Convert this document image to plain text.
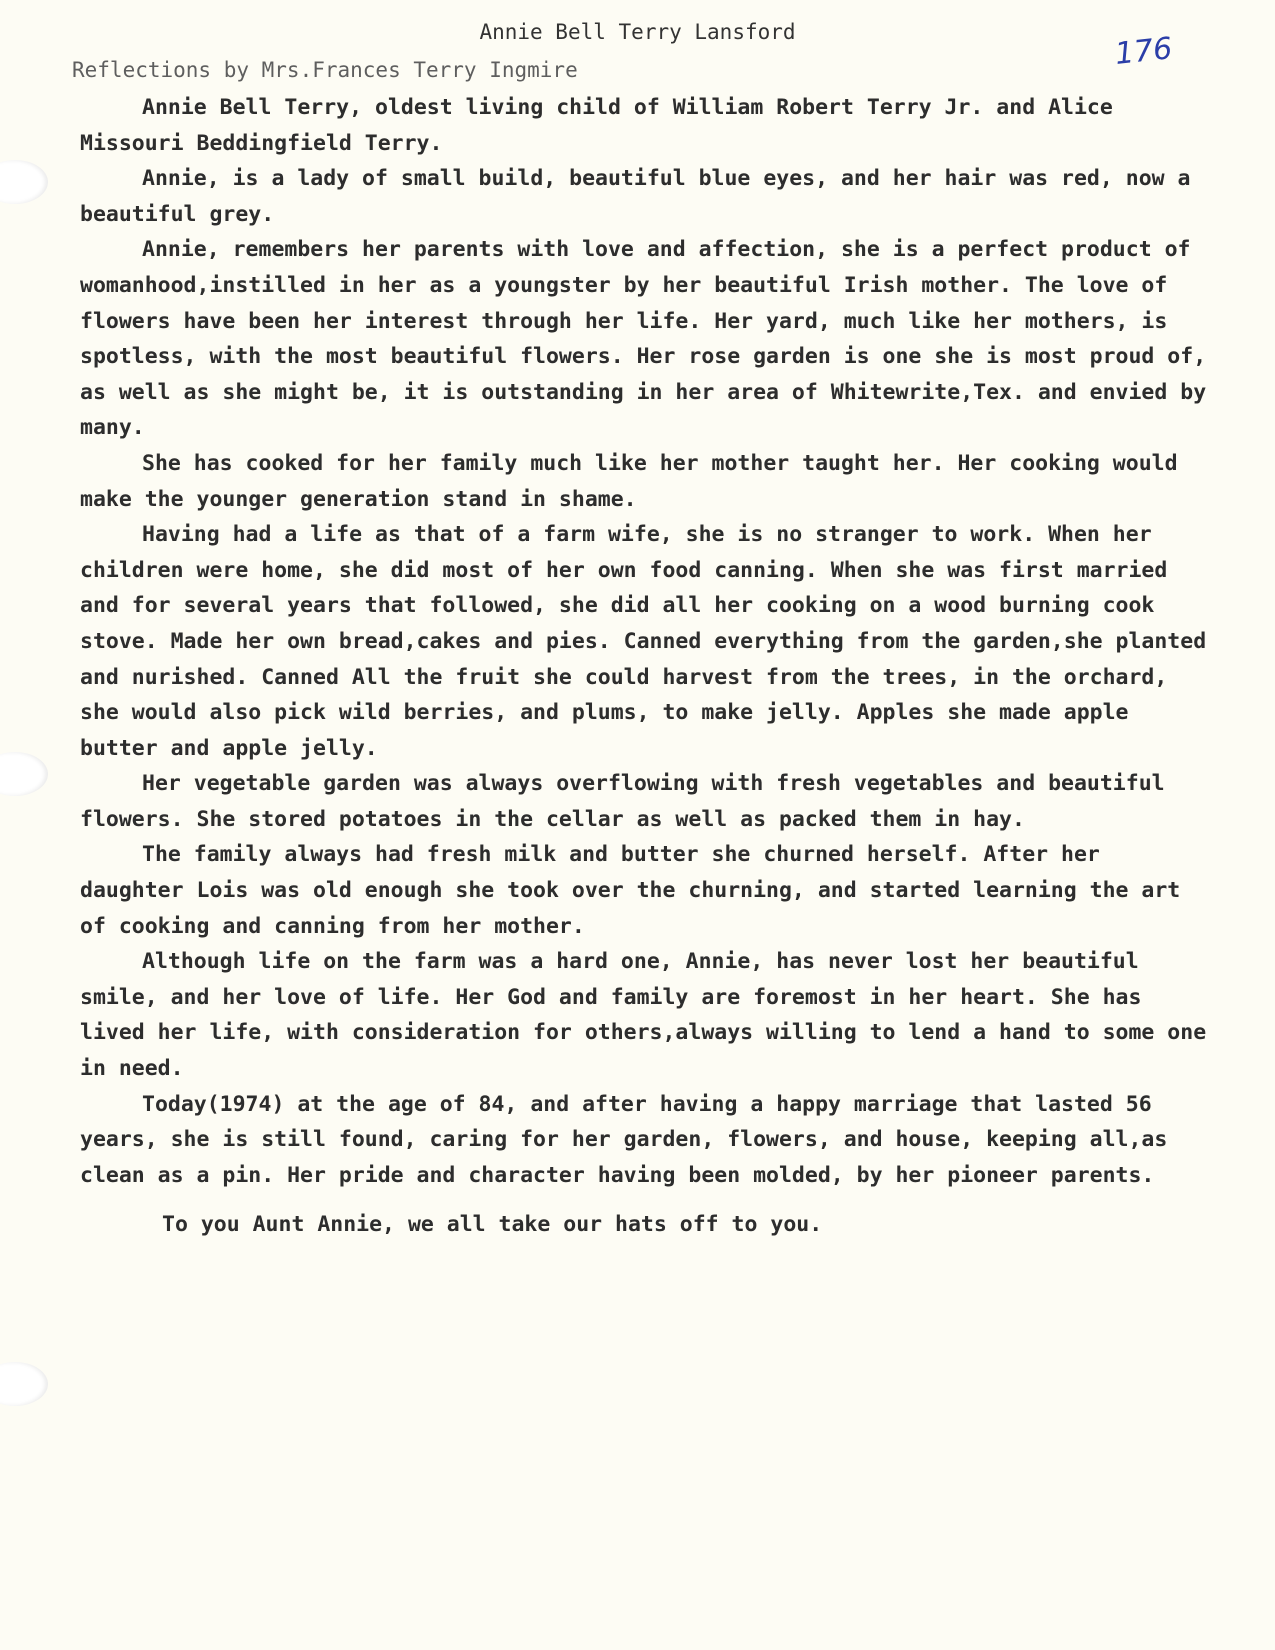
Annie Bell Terry Lansford	176
Reflections by Mrs.Frances Terry Ingmire

Annie Bell Terry, oldest living child of William Robert Terry Jr. and Alice Missouri Beddingfield Terry.

Annie, is a lady of small build, beautiful blue eyes, and her hair was red, now a beautiful grey.

Annie, remembers her parents with love and affection, she is a perfect product of womanhood,instilled in her as a youngster by her beautiful Irish mother. The love of flowers have been her interest through her life. Her yard, much like her mothers, is spotless, with the most beautiful flowers. Her rose garden is one she is most proud of, as well as she might be, it is outstanding in her area of Whitewrite,Tex. and envied by many.

She has cooked for her family much like her mother taught her. Her cooking would make the younger generation stand in shame.

Having had a life as that of a farm wife, she is no stranger to work. When her children were home, she did most of her own food canning. When she was first married and for several years that followed, she did all her cooking on a wood burning cook stove. Made her own bread,cakes and pies. Canned everything from the garden,she planted and nurished. Canned All the fruit she could harvest from the trees, in the orchard, she would also pick wild berries, and plums, to make jelly. Apples she made apple butter and apple jelly.

Her vegetable garden was always overflowing with fresh vegetables and beautiful flowers. She stored potatoes in the cellar as well as packed them in hay.

The family always had fresh milk and butter she churned herself. After her daughter Lois was old enough she took over the churning, and started learning the art of cooking and canning from her mother.

Although life on the farm was a hard one, Annie, has never lost her beautiful smile, and her love of life. Her God and family are foremost in her heart. She has lived her life, with consideration for others,always willing to lend a hand to some one in need.

Today(1974) at the age of 84, and after having a happy marriage that lasted 56 years, she is still found, caring for her garden, flowers, and house, keeping all,as clean as a pin. Her pride and character having been molded, by her pioneer parents.

To you Aunt Annie, we all take our hats off to you.
